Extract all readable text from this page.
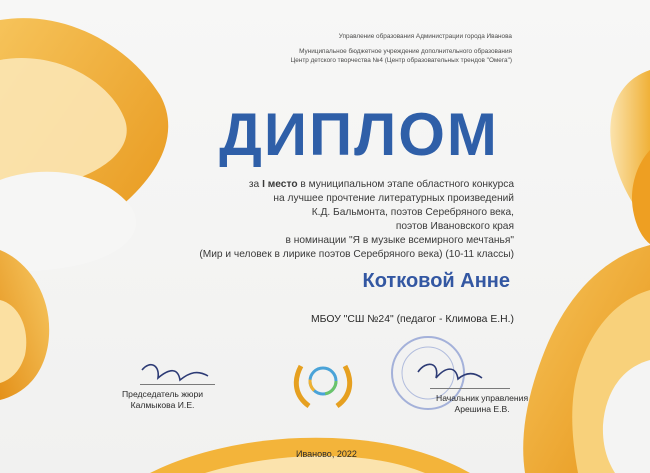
Управление образования Администрации города Иванова
Муниципальное бюджетное учреждение дополнительного образования
Центр детского творчества №4 (Центр образовательных трендов "Омега")
ДИПЛОМ
за I место в муниципальном этапе областного конкурса
на лучшее прочтение литературных произведений
К.Д. Бальмонта, поэтов Серебряного века,
поэтов Ивановского края
в номинации "Я в музыке всемирного мечтанья"
(Мир и человек в лирике поэтов Серебряного века) (10-11 классы)
Котковой Анне
МБОУ "СШ №24" (педагог - Климова Е.Н.)
Председатель жюри
Калмыкова И.Е.
Начальник управления
Арешина Е.В.
Иваново, 2022
